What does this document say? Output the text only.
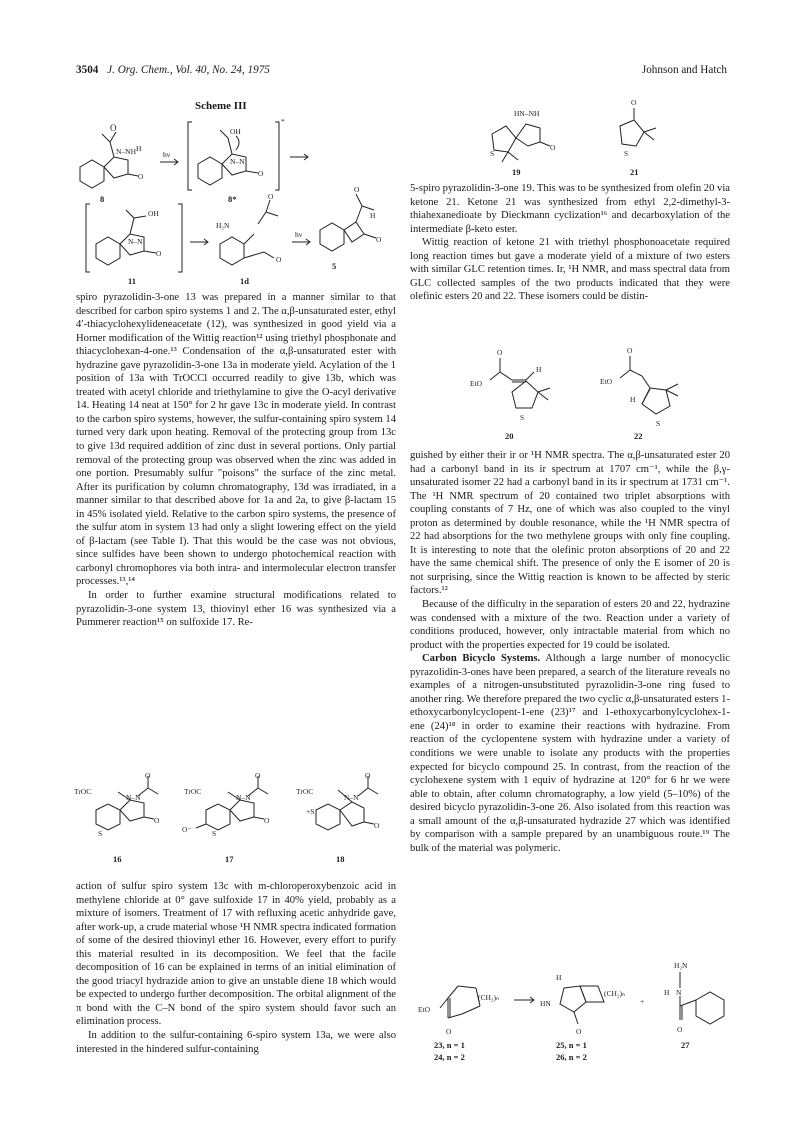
3504 J. Org. Chem., Vol. 40, No. 24, 1975	Johnson and Hatch
Scheme III
O
N–NH H
O
8
hν
OH
N–N
O
*
8*
OH
N–N
O
11
H₂N
O
O
1d
hν
O
H
O
5
HN–NH
S
O
O
S
19	21

spiro pyrazolidin-3-one 13 was prepared in a manner similar to that described for carbon spiro systems 1 and 2. The α,β-unsaturated ester, ethyl 4′-thiacyclohexylideneacetate (12), was synthesized in good yield via a Horner modification of the Wittig reaction¹² using triethyl phosphonate and thiacyclohexan-4-one.¹³ Condensation of the α,β-unsaturated ester with hydrazine gave pyrazolidin-3-one 13a in moderate yield. Acylation of the 1 position of 13a with TrOCCl occurred readily to give 13b, which was treated with acetyl chloride and triethylamine to give the O-acyl derivative 14. Heating 14 neat at 150° for 2 hr gave 13c in moderate yield. In contrast to the carbon spiro systems, however, the sulfur-containing spiro system 14 turned very dark upon heating. Removal of the protecting group from 13c to give 13d required addition of zinc dust in several portions. Only partial removal of the protecting group was observed when the zinc was added in one portion. Presumably sulfur "poisons" the surface of the zinc metal. After its purification by column chromatography, 13d was irradiated, in a manner similar to that described above for 1a and 2a, to give β-lactam 15 in 45% isolated yield. Relative to the carbon spiro systems, the presence of the sulfur atom in system 13 had only a slight lowering effect on the yield of β-lactam (see Table I). That this would be the case was not obvious, since sulfides have been shown to undergo photochemical reaction with carbonyl chromophores via both intra- and intermolecular electron transfer processes.¹³,¹⁴

In order to further examine structural modifications related to pyrazolidin-3-one system 13, thiovinyl ether 16 was synthesized via a Pummerer reaction¹⁵ on sulfoxide 17. Re-

TrOC
N–N
S
O
O
TrOC
N–N
S
O⁻
O
O
TrOC
N–N
+S
O
O
16	17	18

action of sulfur spiro system 13c with m-chloroperoxybenzoic acid in methylene chloride at 0° gave sulfoxide 17 in 40% yield, probably as a mixture of isomers. Treatment of 17 with refluxing acetic anhydride gave, after work-up, a crude material whose ¹H NMR spectra indicated formation of some of the desired thiovinyl ether 16. However, every effort to purify this material resulted in its decomposition. We feel that the facile decomposition of 16 can be explained in terms of an initial elimination of the good triacyl hydrazide anion to give an unstable diene 18 which would be expected to undergo further decomposition. The orbital alignment of the π bond with the C–N bond of the spiro system should favor such an elimination process.

In addition to the sulfur-containing 6-spiro system 13a, we were also interested in the hindered sulfur-containing

5-spiro pyrazolidin-3-one 19. This was to be synthesized from olefin 20 via ketone 21. Ketone 21 was synthesized from ethyl 2,2-dimethyl-3-thiahexanedioate by Dieckmann cyclization¹⁶ and decarboxylation of the intermediate β-keto ester.

Wittig reaction of ketone 21 with triethyl phosphonoacetate required long reaction times but gave a moderate yield of a mixture of two esters with similar GLC retention times. Ir, ¹H NMR, and mass spectral data from GLC collected samples of the two products indicated that they were olefinic esters 20 and 22. These isomers could be distin-

O
EtO
H
S
O
EtO
H
S
20	22

guished by either their ir or ¹H NMR spectra. The α,β-unsaturated ester 20 had a carbonyl band in its ir spectrum at 1707 cm⁻¹, while the β,γ-unsaturated isomer 22 had a carbonyl band in its ir spectrum at 1731 cm⁻¹. The ¹H NMR spectrum of 20 contained two triplet absorptions with coupling constants of 7 Hz, one of which was also coupled to the vinyl proton as determined by double resonance, while the ¹H NMR spectra of 22 had absorptions for the two methylene groups with only fine coupling. It is interesting to note that the olefinic proton absorptions of 20 and 22 have the same chemical shift. The presence of only the E isomer of 20 is not surprising, since the Wittig reaction is known to be affected by steric factors.¹²

Because of the difficulty in the separation of esters 20 and 22, hydrazine was condensed with a mixture of the two. Reaction under a variety of conditions produced, however, only intractable material from which no product with the properties expected for 19 could be isolated.

Carbon Bicyclo Systems. Although a large number of monocyclic pyrazolidin-3-ones have been prepared, a search of the literature reveals no examples of a nitrogen-unsubstituted pyrazolidin-3-one ring fused to another ring. We therefore prepared the two cyclic α,β-unsaturated esters 1-ethoxycarbonylcyclopent-1-ene (23)¹⁷ and 1-ethoxycarbonylcyclohex-1-ene (24)¹⁸ in order to examine their reactions with hydrazine. From reaction of the cyclopentene system with hydrazine under a variety of conditions we were unable to isolate any products with the properties expected for bicyclo compound 25. In contrast, from the reaction of the cyclohexene system with 1 equiv of hydrazine at 120° for 6 hr we were able to obtain, after column chromatography, a low yield (5–10%) of the desired bicyclo pyrazolidin-3-one 26. Also isolated from this reaction was a small amount of the α,β-unsaturated hydrazide 27 which was identified by comparison with a sample prepared by an unambiguous route.¹⁹ The bulk of the material was polymeric.

EtO
O
(CH₂)ₙ
H
HN
(CH₂)ₙ
O
+
H₂N
N
H
O
23, n = 1
24, n = 2
25, n = 1
26, n = 2
27
